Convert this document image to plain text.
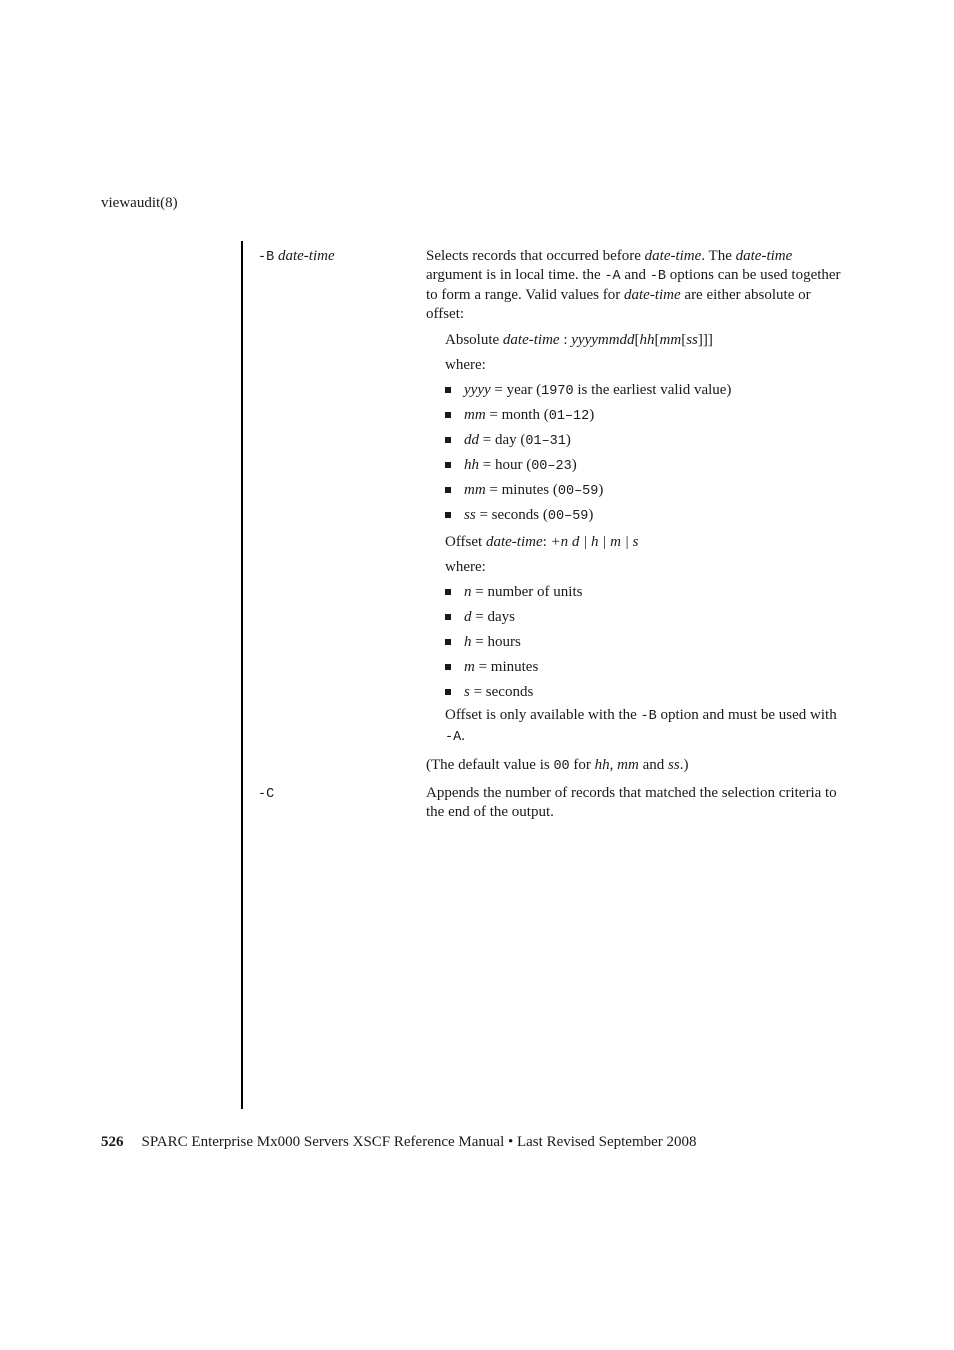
viewaudit(8)
-B date-time	Selects records that occurred before date-time. The date-time argument is in local time. the -A and -B options can be used together to form a range. Valid values for date-time are either absolute or offset:

Absolute date-time : yyyymmdd[hh[mm[ss]]]

where:

yyyy = year (1970 is the earliest valid value)
mm = month (01–12)
dd = day (01–31)
hh = hour (00–23)
mm = minutes (00–59)
ss = seconds (00–59)

Offset date-time: +n d | h | m | s

where:

n = number of units
d = days
h = hours
m = minutes
s = seconds

Offset is only available with the -B option and must be used with -A.

(The default value is 00 for hh, mm and ss.)

-C	Appends the number of records that matched the selection criteria to the end of the output.

526 SPARC Enterprise Mx000 Servers XSCF Reference Manual • Last Revised September 2008
